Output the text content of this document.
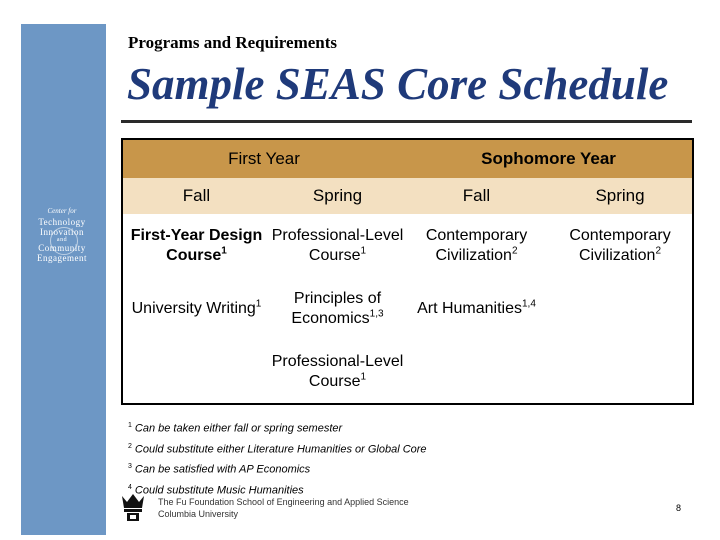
Center for
Technology
Innovation
and
Community
Engagement
Programs and Requirements
Sample SEAS Core Schedule
First Year		Sophomore Year	
Fall	Spring	Fall	Spring
First-Year Design Course$^1$	Professional-Level Course$^1$	Contemporary Civilization$^2$	Contemporary Civilization$^2$
University Writing$^1$	Principles of Economics$^{1,3}$	Art Humanities$^{1,4}$	
	Professional-Level Course$^1$		
$^1$ Can be taken either fall or spring semester
$^2$ Could substitute either Literature Humanities or Global Core
$^3$ Can be satisfied with AP Economics
$^4$ Could substitute Music Humanities
The Fu Foundation School of Engineering and Applied Science
Columbia University
8
